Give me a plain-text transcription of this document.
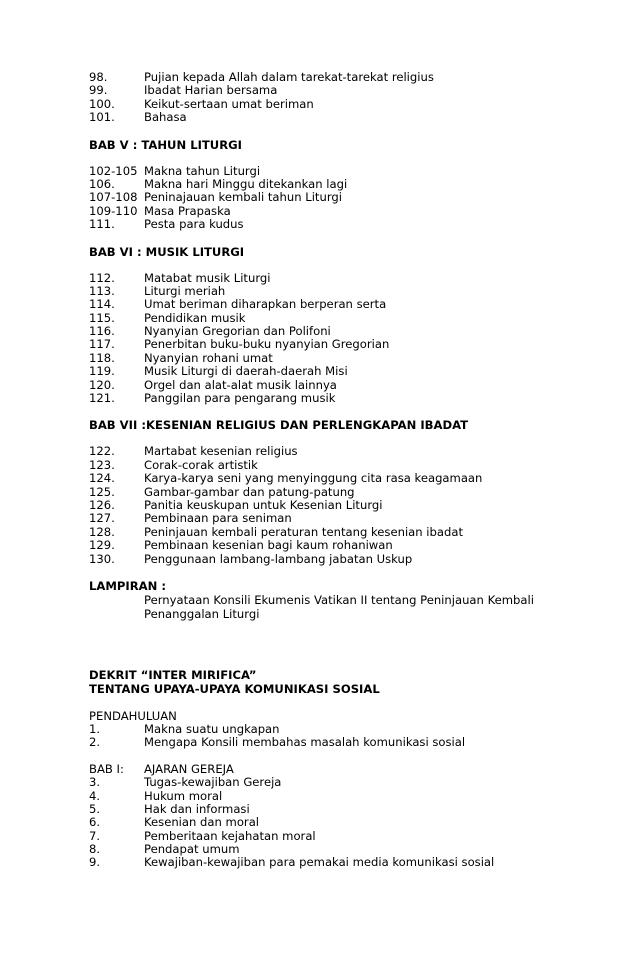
98.	Pujian kepada Allah dalam tarekat-tarekat religius
99.	Ibadat Harian bersama
100.	Keikut-sertaan umat beriman
101.	Bahasa
BAB V : TAHUN LITURGI
102-105 Makna tahun Liturgi
106.	Makna hari Minggu ditekankan lagi
107-108 Peninajauan kembali tahun Liturgi
109-110 Masa Prapaska
111.	Pesta para kudus
BAB VI : MUSIK LITURGI
112.	Matabat musik Liturgi
113.	Liturgi meriah
114.	Umat beriman diharapkan berperan serta
115.	Pendidikan musik
116.	Nyanyian Gregorian dan Polifoni
117.	Penerbitan buku-buku nyanyian Gregorian
118.	Nyanyian rohani umat
119.	Musik Liturgi di daerah-daerah Misi
120.	Orgel dan alat-alat musik lainnya
121.	Panggilan para pengarang musik
BAB VII :KESENIAN RELIGIUS DAN PERLENGKAPAN IBADAT
122.	Martabat kesenian religius
123.	Corak-corak artistik
124.	Karya-karya seni yang menyinggung cita rasa keagamaan
125.	Gambar-gambar dan patung-patung
126.	Panitia keuskupan untuk Kesenian Liturgi
127.	Pembinaan para seniman
128.	Peninjauan kembali peraturan tentang kesenian ibadat
129.	Pembinaan kesenian bagi kaum rohaniwan
130.	Penggunaan lambang-lambang jabatan Uskup
LAMPIRAN :
Pernyataan Konsili Ekumenis Vatikan II tentang Peninjauan Kembali
Penanggalan Liturgi
DEKRIT “INTER MIRIFICA”
TENTANG UPAYA-UPAYA KOMUNIKASI SOSIAL
PENDAHULUAN
1.	Makna suatu ungkapan
2.	Mengapa Konsili membahas masalah komunikasi sosial
BAB I:	AJARAN GEREJA
3.	Tugas-kewajiban Gereja
4.	Hukum moral
5.	Hak dan informasi
6.	Kesenian dan moral
7.	Pemberitaan kejahatan moral
8.	Pendapat umum
9.	Kewajiban-kewajiban para pemakai media komunikasi sosial
